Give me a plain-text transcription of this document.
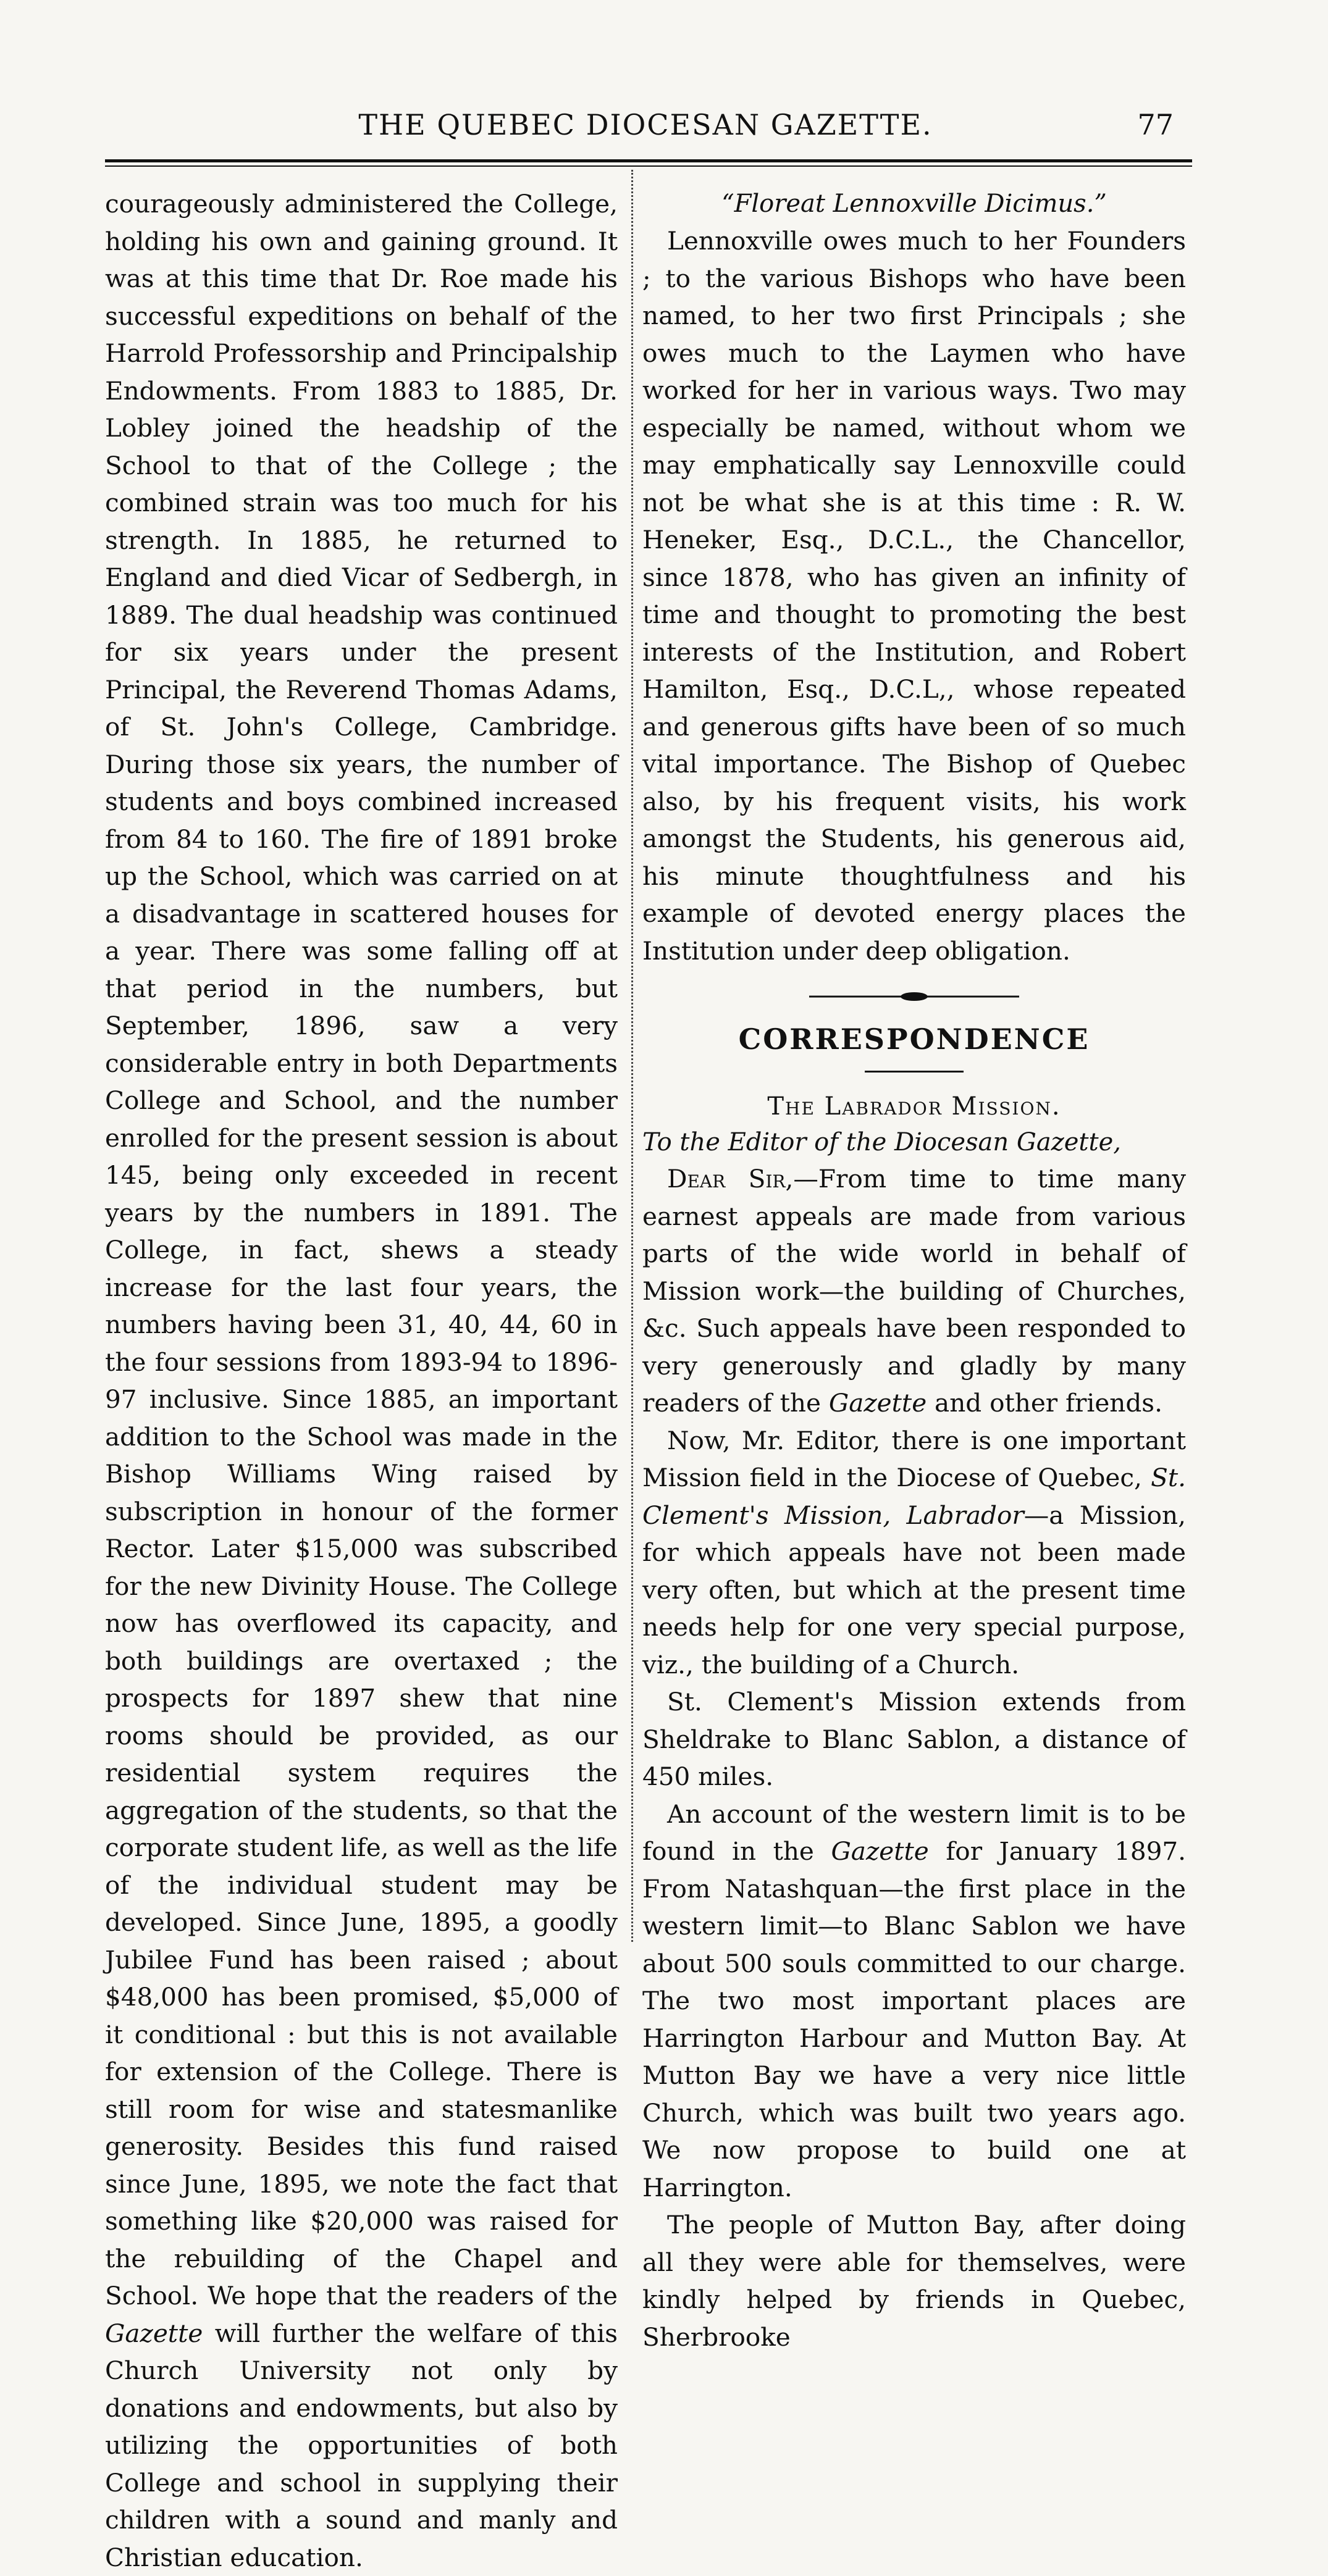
THE QUEBEC DIOCESAN GAZETTE.	77

courageously administered the College, holding his own and gaining ground. It was at this time that Dr. Roe made his successful expeditions on behalf of the Harrold Professorship and Principalship Endowments. From 1883 to 1885, Dr. Lobley joined the headship of the School to that of the College ; the combined strain was too much for his strength. In 1885, he returned to England and died Vicar of Sedbergh, in 1889. The dual headship was continued for six years under the present Principal, the Reverend Thomas Adams, of St. John's College, Cambridge. During those six years, the number of students and boys combined increased from 84 to 160. The fire of 1891 broke up the School, which was carried on at a disadvantage in scattered houses for a year. There was some falling off at that period in the numbers, but September, 1896, saw a very considerable entry in both Departments College and School, and the number enrolled for the present session is about 145, being only exceeded in recent years by the numbers in 1891. The College, in fact, shews a steady increase for the last four years, the numbers having been 31, 40, 44, 60 in the four sessions from 1893-94 to 1896-97 inclusive. Since 1885, an important addition to the School was made in the Bishop Williams Wing raised by subscription in honour of the former Rector. Later $15,000 was subscribed for the new Divinity House. The College now has overflowed its capacity, and both buildings are overtaxed ; the prospects for 1897 shew that nine rooms should be provided, as our residential system requires the aggregation of the students, so that the corporate student life, as well as the life of the individual student may be developed. Since June, 1895, a goodly Jubilee Fund has been raised ; about $48,000 has been promised, $5,000 of it conditional : but this is not available for extension of the College. There is still room for wise and statesmanlike generosity. Besides this fund raised since June, 1895, we note the fact that something like $20,000 was raised for the rebuilding of the Chapel and School. We hope that the readers of the Gazette will further the welfare of this Church University not only by donations and endowments, but also by utilizing the opportunities of both College and school in supplying their children with a sound and manly and Christian education.

“Floreat Lennoxville Dicimus.”

Lennoxville owes much to her Founders ; to the various Bishops who have been named, to her two first Principals ; she owes much to the Laymen who have worked for her in various ways. Two may especially be named, without whom we may emphatically say Lennoxville could not be what she is at this time : R. W. Heneker, Esq., D.C.L., the Chancellor, since 1878, who has given an infinity of time and thought to promoting the best interests of the Institution, and Robert Hamilton, Esq., D.C.L,, whose repeated and generous gifts have been of so much vital importance. The Bishop of Quebec also, by his frequent visits, his work amongst the Students, his generous aid, his minute thoughtfulness and his example of devoted energy places the Institution under deep obligation.

CORRESPONDENCE
The Labrador Mission.
To the Editor of the Diocesan Gazette,

Dear Sir,—From time to time many earnest appeals are made from various parts of the wide world in behalf of Mission work—the building of Churches, &c. Such appeals have been responded to very generously and gladly by many readers of the Gazette and other friends.

Now, Mr. Editor, there is one important Mission field in the Diocese of Quebec, St. Clement's Mission, Labrador—a Mission, for which appeals have not been made very often, but which at the present time needs help for one very special purpose, viz., the building of a Church.

St. Clement's Mission extends from Sheldrake to Blanc Sablon, a distance of 450 miles.

An account of the western limit is to be found in the Gazette for January 1897. From Natashquan—the first place in the western limit—to Blanc Sablon we have about 500 souls committed to our charge. The two most important places are Harrington Harbour and Mutton Bay. At Mutton Bay we have a very nice little Church, which was built two years ago. We now propose to build one at Harrington.

The people of Mutton Bay, after doing all they were able for themselves, were kindly helped by friends in Quebec, Sherbrooke
